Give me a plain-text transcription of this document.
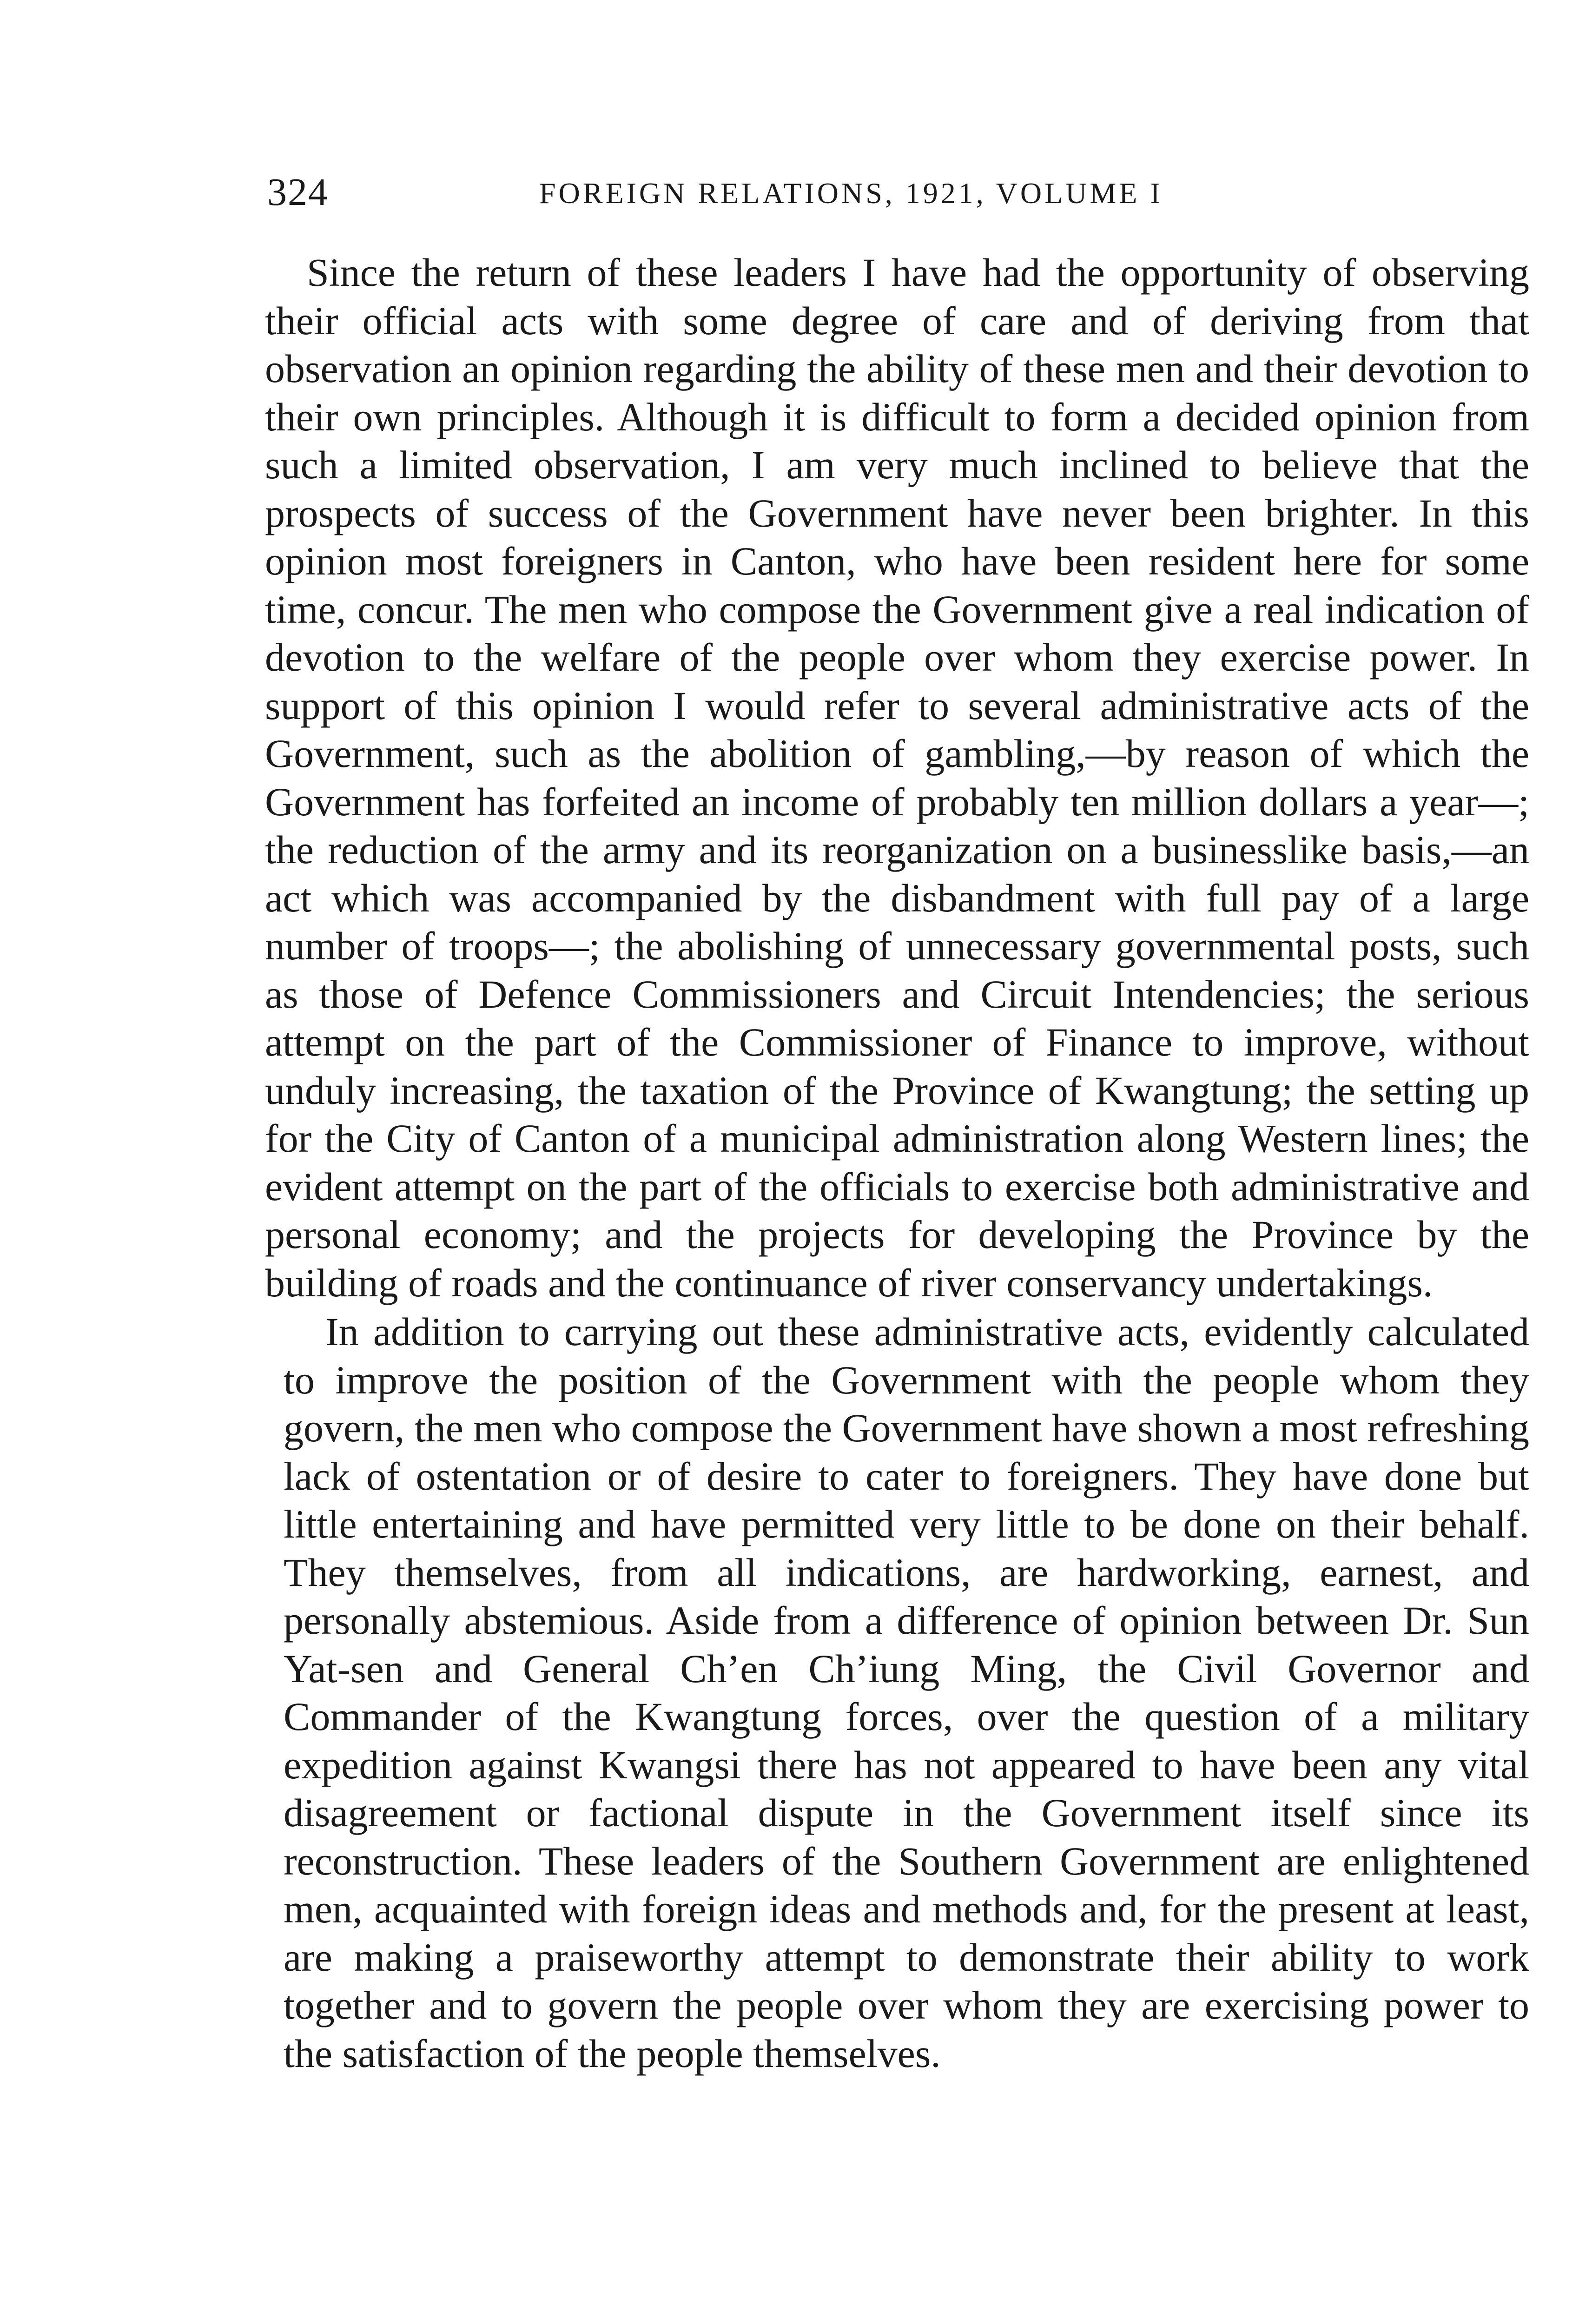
324	FOREIGN RELATIONS, 1921, VOLUME I

Since the return of these leaders I have had the opportunity of observing their official acts with some degree of care and of deriving from that observation an opinion regarding the ability of these men and their devotion to their own principles. Although it is difficult to form a decided opinion from such a limited observation, I am very much inclined to believe that the prospects of success of the Government have never been brighter. In this opinion most foreigners in Canton, who have been resident here for some time, concur. The men who compose the Government give a real indication of devotion to the welfare of the people over whom they exercise power. In support of this opinion I would refer to several administrative acts of the Government, such as the abolition of gambling,—by reason of which the Government has forfeited an income of probably ten million dollars a year—; the reduction of the army and its reorganization on a businesslike basis,—an act which was accompanied by the disbandment with full pay of a large number of troops—; the abolishing of unnecessary governmental posts, such as those of Defence Commissioners and Circuit Intendencies; the serious attempt on the part of the Commissioner of Finance to improve, without unduly increasing, the taxation of the Province of Kwangtung; the setting up for the City of Canton of a municipal administration along Western lines; the evident attempt on the part of the officials to exercise both administrative and personal economy; and the projects for developing the Province by the building of roads and the continuance of river conservancy undertakings.

In addition to carrying out these administrative acts, evidently calculated to improve the position of the Government with the people whom they govern, the men who compose the Government have shown a most refreshing lack of ostentation or of desire to cater to foreigners. They have done but little entertaining and have permitted very little to be done on their behalf. They themselves, from all indications, are hardworking, earnest, and personally abstemious. Aside from a difference of opinion between Dr. Sun Yat-sen and General Ch’en Ch’iung Ming, the Civil Governor and Commander of the Kwangtung forces, over the question of a military expedition against Kwangsi there has not appeared to have been any vital disagreement or factional dispute in the Government itself since its reconstruction. These leaders of the Southern Government are enlightened men, acquainted with foreign ideas and methods and, for the present at least, are making a praiseworthy attempt to demonstrate their ability to work together and to govern the people over whom they are exercising power to the satisfaction of the people themselves.
